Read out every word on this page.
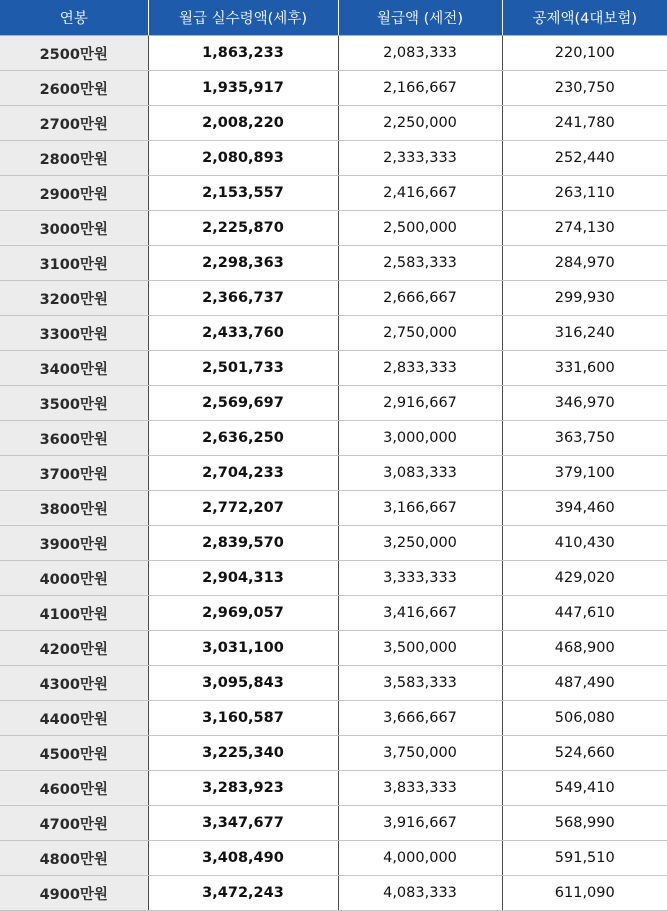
연봉	월급 실수령액(세후)	월급액 (세전)	공제액(4대보험)
2500만원	1,863,233	2,083,333	220,100
2600만원	1,935,917	2,166,667	230,750
2700만원	2,008,220	2,250,000	241,780
2800만원	2,080,893	2,333,333	252,440
2900만원	2,153,557	2,416,667	263,110
3000만원	2,225,870	2,500,000	274,130
3100만원	2,298,363	2,583,333	284,970
3200만원	2,366,737	2,666,667	299,930
3300만원	2,433,760	2,750,000	316,240
3400만원	2,501,733	2,833,333	331,600
3500만원	2,569,697	2,916,667	346,970
3600만원	2,636,250	3,000,000	363,750
3700만원	2,704,233	3,083,333	379,100
3800만원	2,772,207	3,166,667	394,460
3900만원	2,839,570	3,250,000	410,430
4000만원	2,904,313	3,333,333	429,020
4100만원	2,969,057	3,416,667	447,610
4200만원	3,031,100	3,500,000	468,900
4300만원	3,095,843	3,583,333	487,490
4400만원	3,160,587	3,666,667	506,080
4500만원	3,225,340	3,750,000	524,660
4600만원	3,283,923	3,833,333	549,410
4700만원	3,347,677	3,916,667	568,990
4800만원	3,408,490	4,000,000	591,510
4900만원	3,472,243	4,083,333	611,090
